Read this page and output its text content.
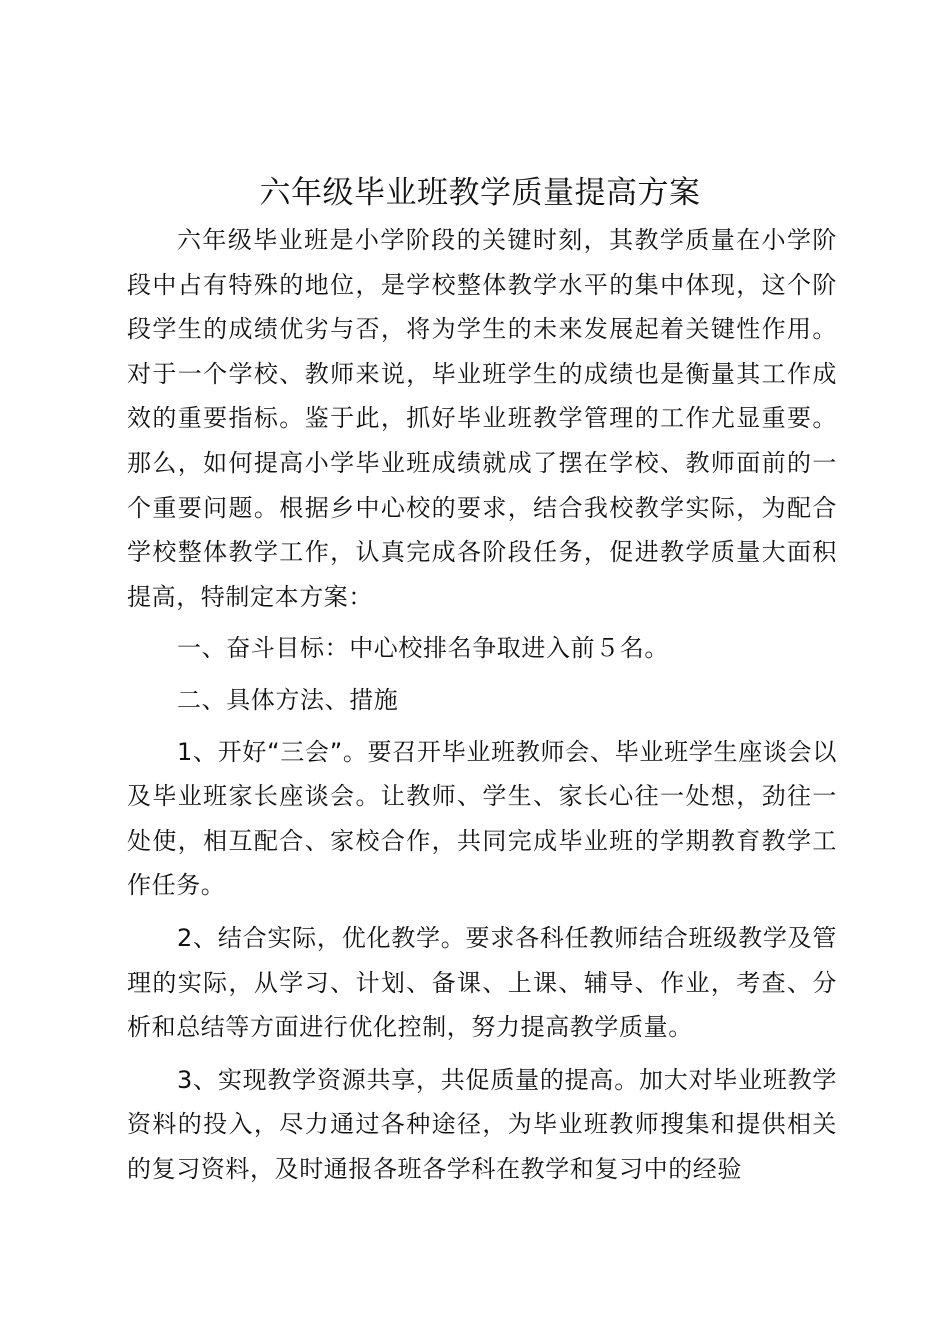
六年级毕业班教学质量提高方案

六年级毕业班是小学阶段的关键时刻，其教学质量在小学阶段中占有特殊的地位，是学校整体教学水平的集中体现，这个阶段学生的成绩优劣与否，将为学生的未来发展起着关键性作用。对于一个学校、教师来说，毕业班学生的成绩也是衡量其工作成效的重要指标。鉴于此，抓好毕业班教学管理的工作尤显重要。那么，如何提高小学毕业班成绩就成了摆在学校、教师面前的一个重要问题。根据乡中心校的要求，结合我校教学实际，为配合学校整体教学工作，认真完成各阶段任务，促进教学质量大面积提高，特制定本方案：

一、奋斗目标：中心校排名争取进入前５名。

二、具体方法、措施

1、开好“三会”。要召开毕业班教师会、毕业班学生座谈会以及毕业班家长座谈会。让教师、学生、家长心往一处想，劲往一处使，相互配合、家校合作，共同完成毕业班的学期教育教学工作任务。

2、结合实际，优化教学。要求各科任教师结合班级教学及管理的实际，从学习、计划、备课、上课、辅导、作业，考查、分析和总结等方面进行优化控制，努力提高教学质量。

3、实现教学资源共享，共促质量的提高。加大对毕业班教学资料的投入，尽力通过各种途径，为毕业班教师搜集和提供相关的复习资料，及时通报各班各学科在教学和复习中的经验
